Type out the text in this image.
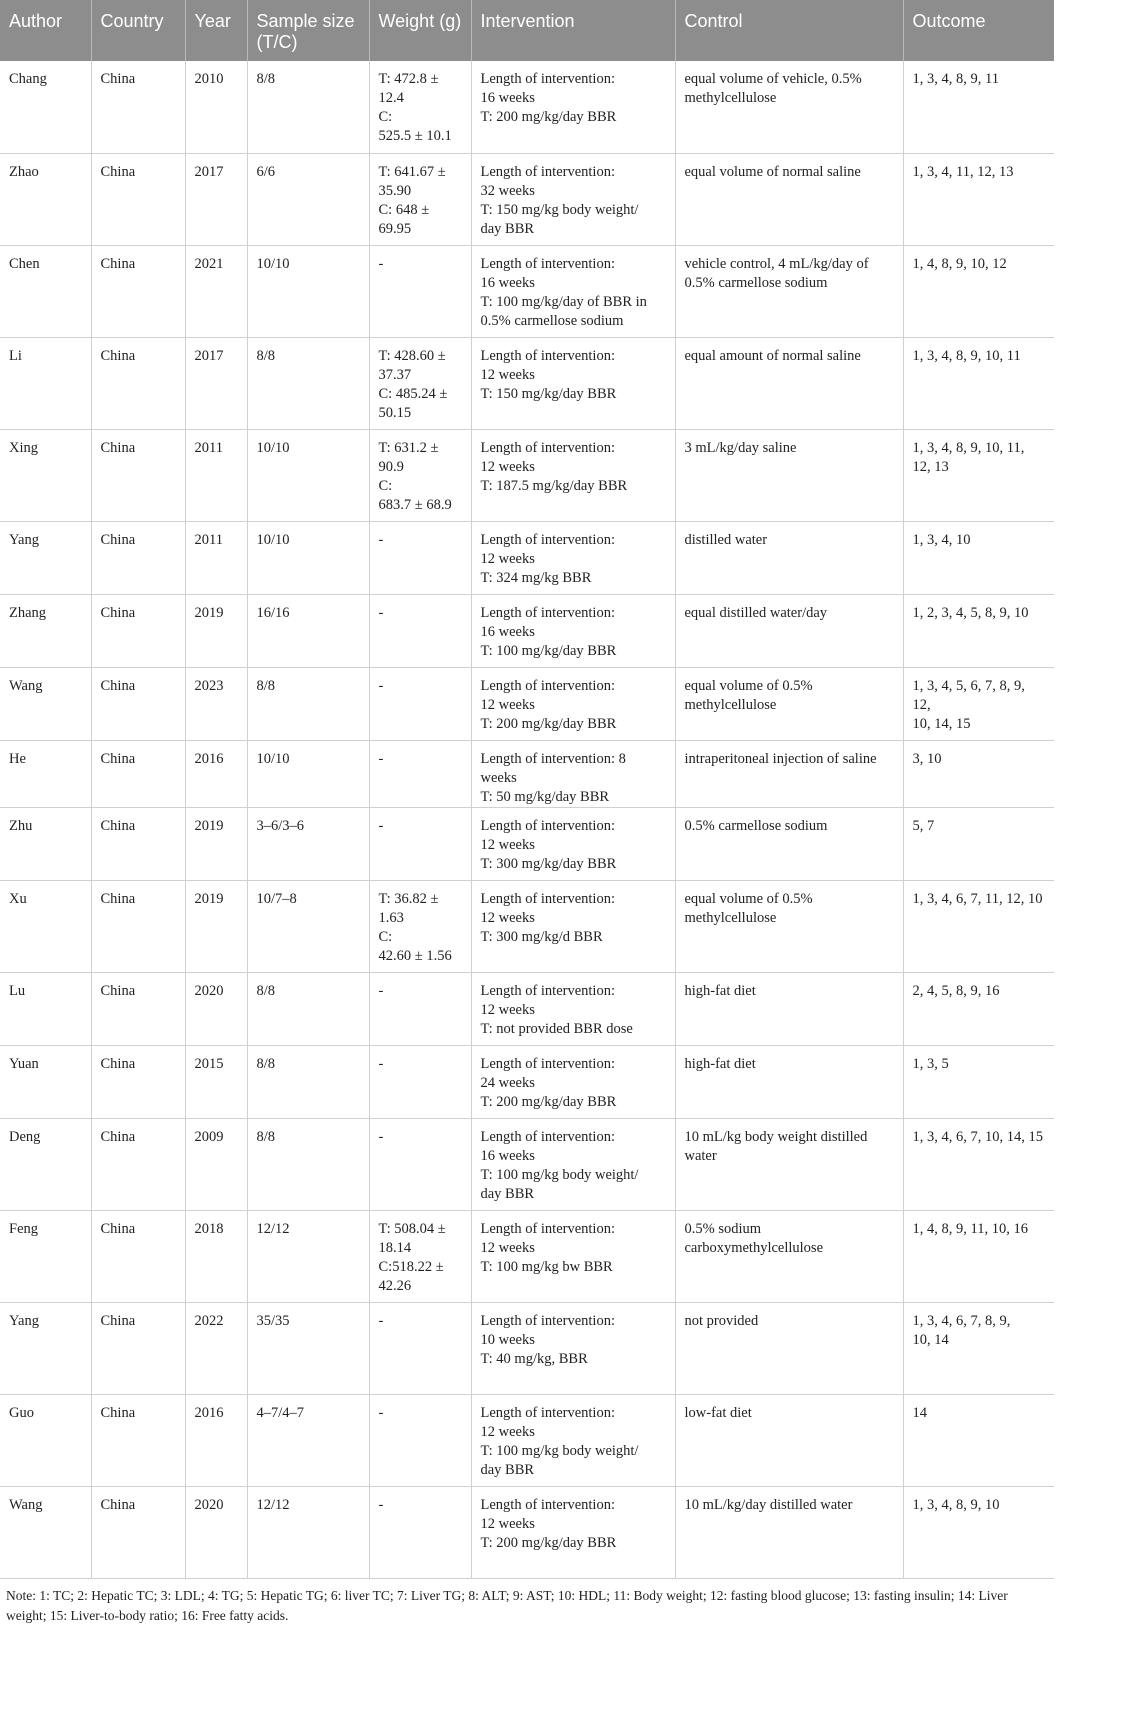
Author	Country	Year	Sample size (T/C)	Weight (g)	Intervention	Control	Outcome
Chang	China	2010	8/8	T: 472.8 ±
12.4
C:
525.5 ± 10.1	Length of intervention:
16 weeks
T: 200 mg/kg/day BBR	equal volume of vehicle, 0.5%
methylcellulose	1, 3, 4, 8, 9, 11
Zhao	China	2017	6/6	T: 641.67 ±
35.90
C: 648 ± 69.95	Length of intervention:
32 weeks
T: 150 mg/kg body weight/
day BBR	equal volume of normal saline	1, 3, 4, 11, 12, 13
Chen	China	2021	10/10	-	Length of intervention:
16 weeks
T: 100 mg/kg/day of BBR in
0.5% carmellose sodium	vehicle control, 4 mL/kg/day of
0.5% carmellose sodium	1, 4, 8, 9, 10, 12
Li	China	2017	8/8	T: 428.60 ±
37.37
C: 485.24 ±
50.15	Length of intervention:
12 weeks
T: 150 mg/kg/day BBR	equal amount of normal saline	1, 3, 4, 8, 9, 10, 11
Xing	China	2011	10/10	T: 631.2 ±
90.9
C:
683.7 ± 68.9	Length of intervention:
12 weeks
T: 187.5 mg/kg/day BBR	3 mL/kg/day saline	1, 3, 4, 8, 9, 10, 11,
12, 13
Yang	China	2011	10/10	-	Length of intervention:
12 weeks
T: 324 mg/kg BBR	distilled water	1, 3, 4, 10
Zhang	China	2019	16/16	-	Length of intervention:
16 weeks
T: 100 mg/kg/day BBR	equal distilled water/day	1, 2, 3, 4, 5, 8, 9, 10
Wang	China	2023	8/8	-	Length of intervention:
12 weeks
T: 200 mg/kg/day BBR	equal volume of 0.5%
methylcellulose	1, 3, 4, 5, 6, 7, 8, 9, 12,
10, 14, 15
He	China	2016	10/10	-	Length of intervention: 8 weeks
T: 50 mg/kg/day BBR	intraperitoneal injection of saline	3, 10
Zhu	China	2019	3–6/3–6	-	Length of intervention:
12 weeks
T: 300 mg/kg/day BBR	0.5% carmellose sodium	5, 7
Xu	China	2019	10/7–8	T: 36.82 ±
1.63
C:
42.60 ± 1.56	Length of intervention:
12 weeks
T: 300 mg/kg/d BBR	equal volume of 0.5%
methylcellulose	1, 3, 4, 6, 7, 11, 12, 10
Lu	China	2020	8/8	-	Length of intervention:
12 weeks
T: not provided BBR dose	high-fat diet	2, 4, 5, 8, 9, 16
Yuan	China	2015	8/8	-	Length of intervention:
24 weeks
T: 200 mg/kg/day BBR	high-fat diet	1, 3, 5
Deng	China	2009	8/8	-	Length of intervention:
16 weeks
T: 100 mg/kg body weight/
day BBR	10 mL/kg body weight distilled
water	1, 3, 4, 6, 7, 10, 14, 15
Feng	China	2018	12/12	T: 508.04 ±
18.14
C:518.22 ±
42.26	Length of intervention:
12 weeks
T: 100 mg/kg bw BBR	0.5% sodium
carboxymethylcellulose	1, 4, 8, 9, 11, 10, 16
Yang	China	2022	35/35	-	Length of intervention:
10 weeks
T: 40 mg/kg, BBR	not provided	1, 3, 4, 6, 7, 8, 9,
10, 14
Guo	China	2016	4–7/4–7	-	Length of intervention:
12 weeks
T: 100 mg/kg body weight/
day BBR	low-fat diet	14
Wang	China	2020	12/12	-	Length of intervention:
12 weeks
T: 200 mg/kg/day BBR	10 mL/kg/day distilled water	1, 3, 4, 8, 9, 10
Note: 1: TC; 2: Hepatic TC; 3: LDL; 4: TG; 5: Hepatic TG; 6: liver TC; 7: Liver TG; 8: ALT; 9: AST; 10: HDL; 11: Body weight; 12: fasting blood glucose; 13: fasting insulin; 14: Liver weight; 15: Liver-to-body ratio; 16: Free fatty acids.
